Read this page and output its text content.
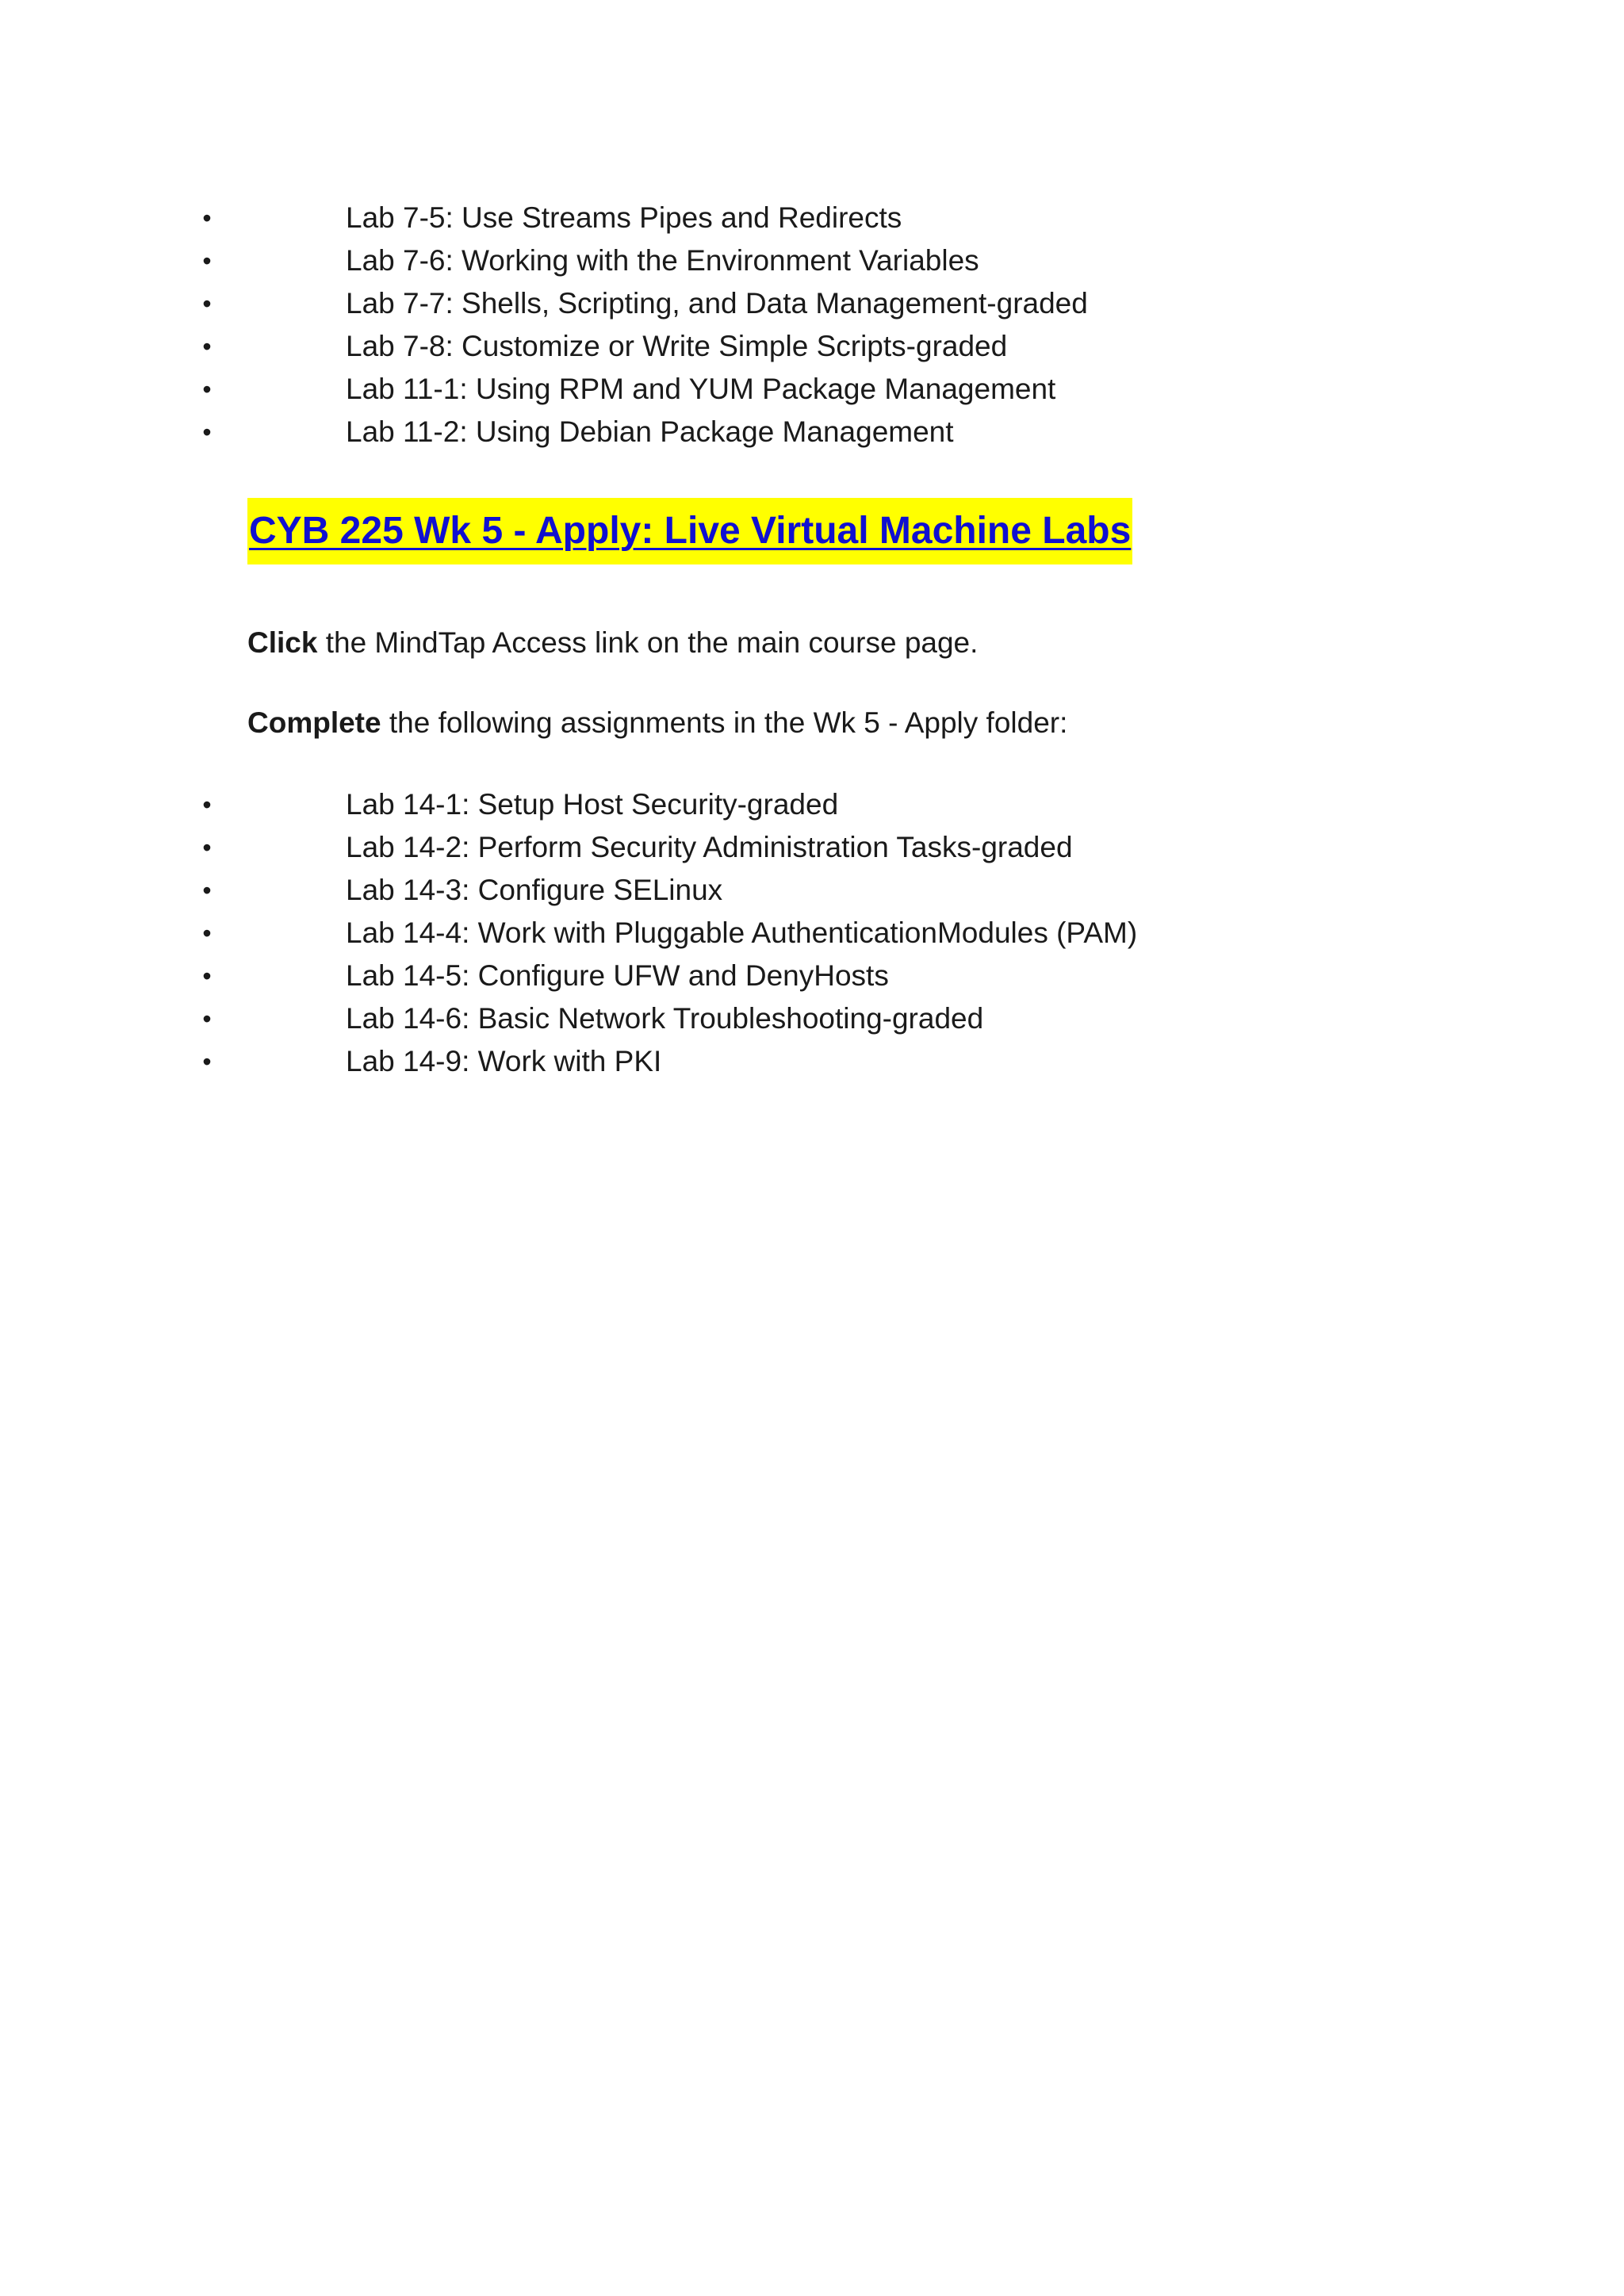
•	Lab 7-5: Use Streams Pipes and Redirects
•	Lab 7-6: Working with the Environment Variables
•	Lab 7-7: Shells, Scripting, and Data Management-graded
•	Lab 7-8: Customize or Write Simple Scripts-graded
•	Lab 11-1: Using RPM and YUM Package Management
•	Lab 11-2: Using Debian Package Management
CYB 225 Wk 5 - Apply: Live Virtual Machine Labs
Click the MindTap Access link on the main course page.
Complete the following assignments in the Wk 5 - Apply folder:
•	Lab 14-1: Setup Host Security-graded
•	Lab 14-2: Perform Security Administration Tasks-graded
•	Lab 14-3: Configure SELinux
•	Lab 14-4: Work with Pluggable AuthenticationModules (PAM)
•	Lab 14-5: Configure UFW and DenyHosts
•	Lab 14-6: Basic Network Troubleshooting-graded
•	Lab 14-9: Work with PKI
